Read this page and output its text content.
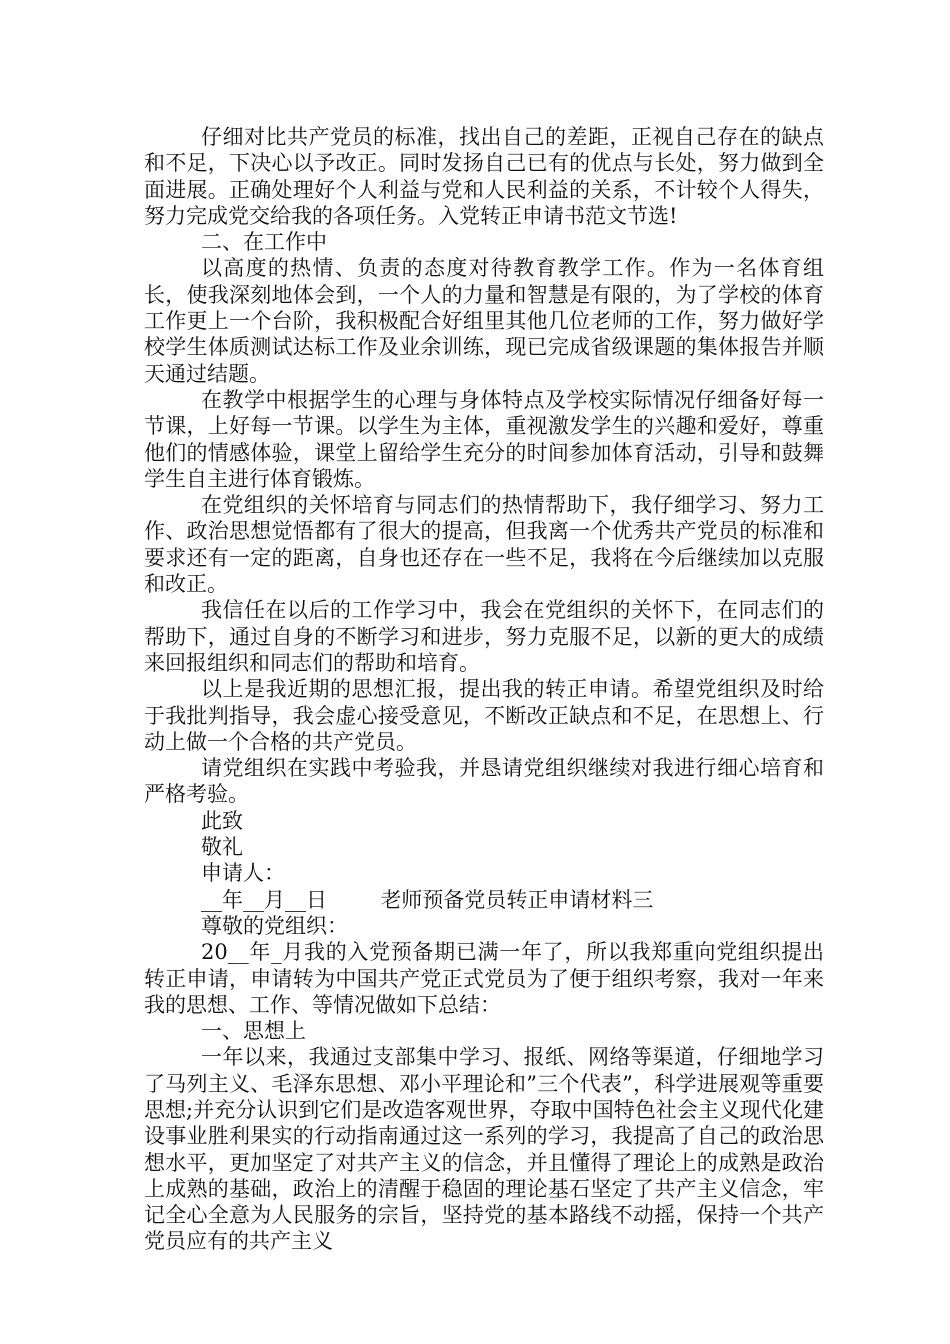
仔细对比共产党员的标准，找出自己的差距，正视自己存在的缺点和不足，下决心以予改正。同时发扬自己已有的优点与长处，努力做到全面进展。正确处理好个人利益与党和人民利益的关系，不计较个人得失，努力完成党交给我的各项任务。入党转正申请书范文节选!

二、在工作中

以高度的热情、负责的态度对待教育教学工作。作为一名体育组长，使我深刻地体会到，一个人的力量和智慧是有限的，为了学校的体育工作更上一个台阶，我积极配合好组里其他几位老师的工作，努力做好学校学生体质测试达标工作及业余训练，现已完成省级课题的集体报告并顺天通过结题。

在教学中根据学生的心理与身体特点及学校实际情况仔细备好每一节课，上好每一节课。以学生为主体，重视激发学生的兴趣和爱好，尊重他们的情感体验，课堂上留给学生充分的时间参加体育活动，引导和鼓舞学生自主进行体育锻炼。

在党组织的关怀培育与同志们的热情帮助下，我仔细学习、努力工作、政治思想觉悟都有了很大的提高，但我离一个优秀共产党员的标准和要求还有一定的距离，自身也还存在一些不足，我将在今后继续加以克服和改正。

我信任在以后的工作学习中，我会在党组织的关怀下，在同志们的帮助下，通过自身的不断学习和进步，努力克服不足，以新的更大的成绩来回报组织和同志们的帮助和培育。

以上是我近期的思想汇报，提出我的转正申请。希望党组织及时给于我批判指导，我会虚心接受意见，不断改正缺点和不足，在思想上、行动上做一个合格的共产党员。

请党组织在实践中考验我，并恳请党组织继续对我进行细心培育和严格考验。

此致

敬礼

申请人：

__年__月__日        老师预备党员转正申请材料三

尊敬的党组织：

20__年_月我的入党预备期已满一年了，所以我郑重向党组织提出转正申请，申请转为中国共产党正式党员为了便于组织考察，我对一年来我的思想、工作、等情况做如下总结：

一、思想上

一年以来，我通过支部集中学习、报纸、网络等渠道，仔细地学习了马列主义、毛泽东思想、邓小平理论和”三个代表”，科学进展观等重要思想;并充分认识到它们是改造客观世界，夺取中国特色社会主义现代化建设事业胜利果实的行动指南通过这一系列的学习，我提高了自己的政治思想水平，更加坚定了对共产主义的信念，并且懂得了理论上的成熟是政治上成熟的基础，政治上的清醒于稳固的理论基石坚定了共产主义信念，牢记全心全意为人民服务的宗旨，坚持党的基本路线不动摇，保持一个共产党员应有的共产主义
